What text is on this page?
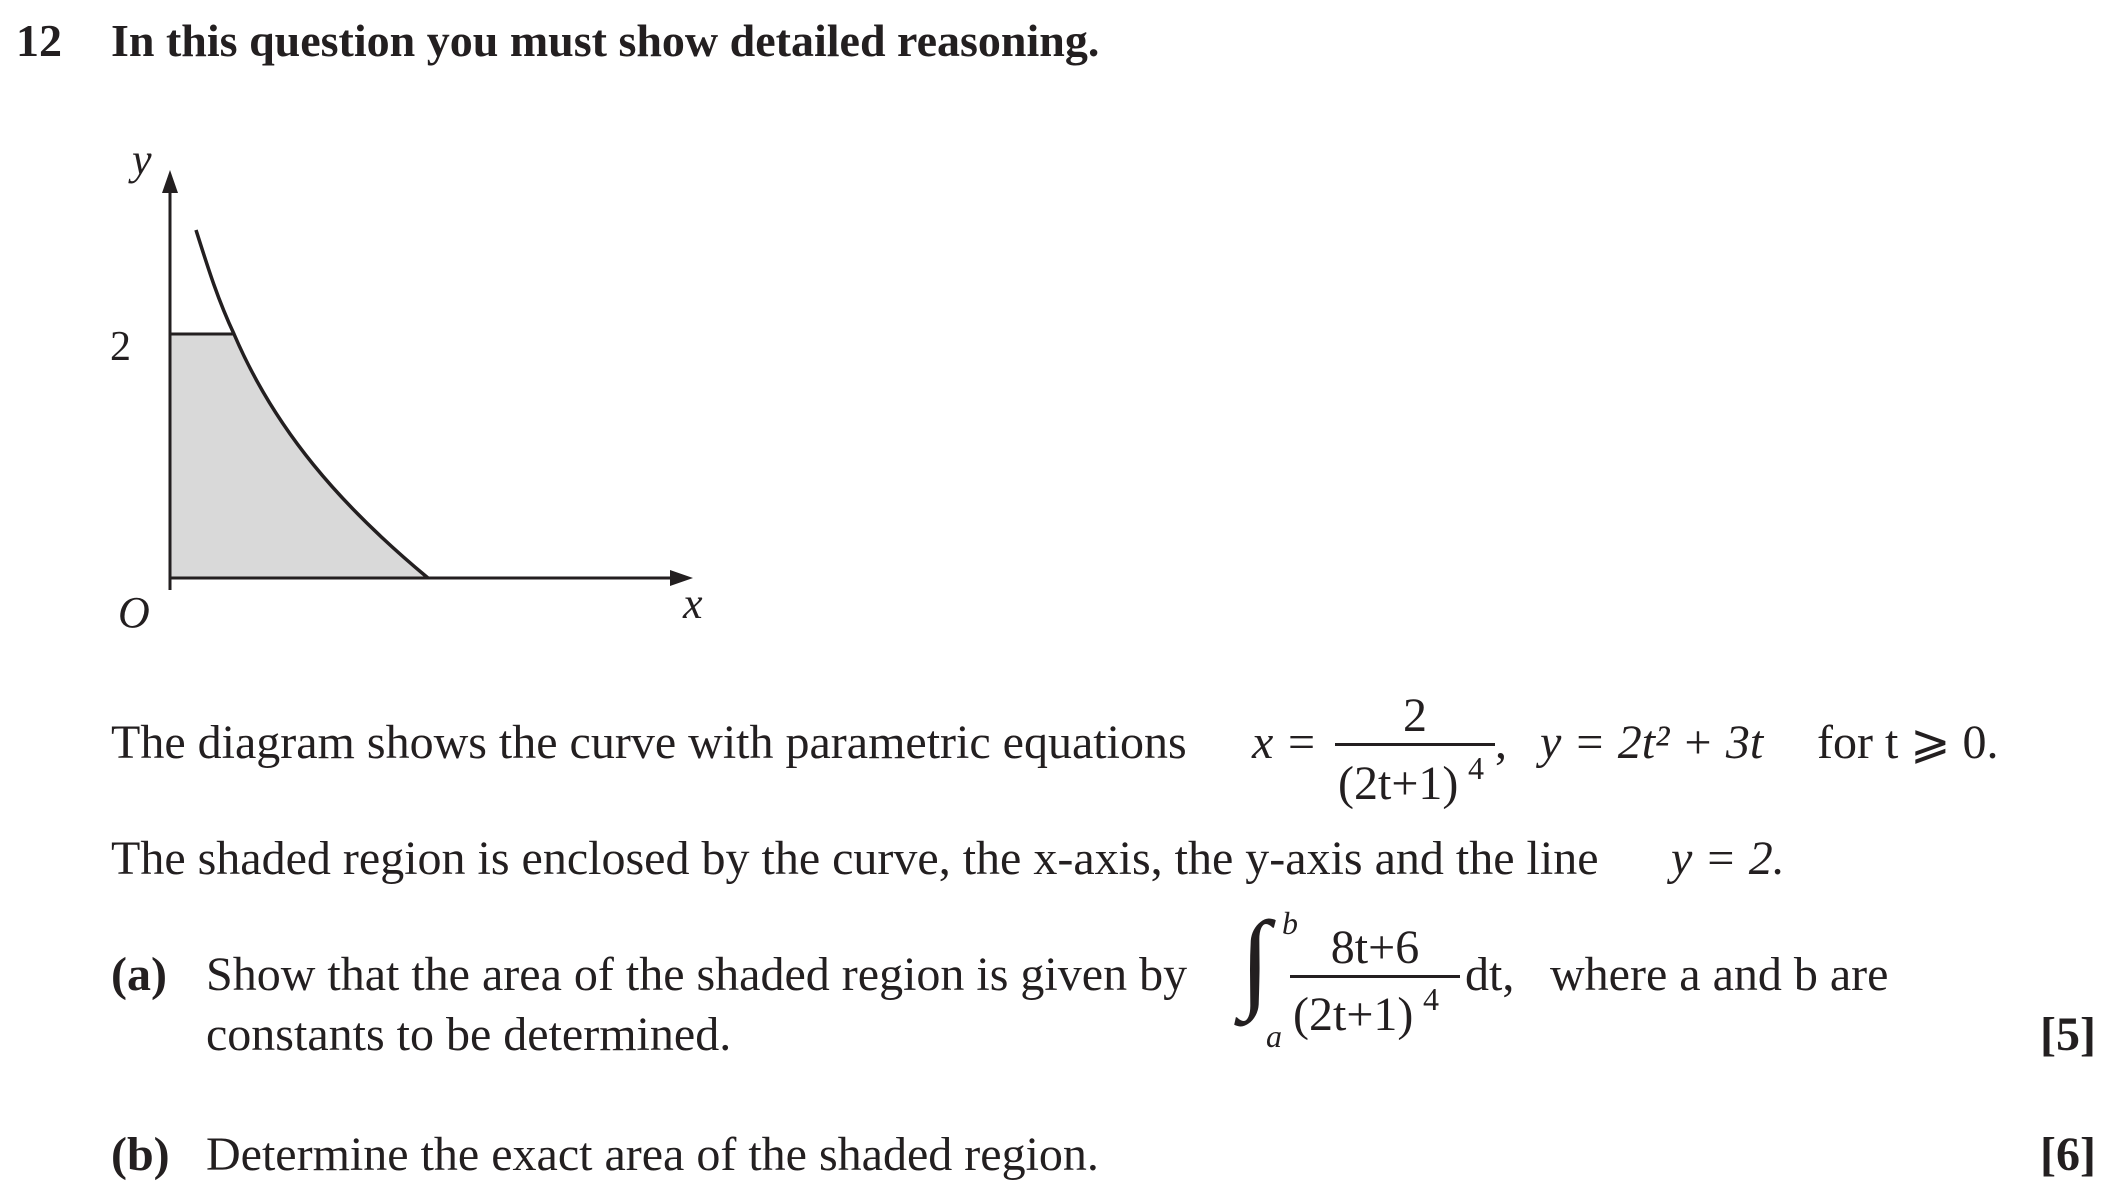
12 In this question you must show detailed reasoning.
y
x
O
2
The diagram shows the curve with parametric equations x =
2
(2t+1) 4 , y = 2t² + 3t for t ⩾ 0.
The shaded region is enclosed by the curve, the x-axis, the y-axis and the line y = 2.
(a) Show that the area of the shaded region is given by ∫ b
a
8t+6
(2t+1) 4 dt, where a and b are
constants to be determined.	[5]
(b) Determine the exact area of the shaded region.	[6]
